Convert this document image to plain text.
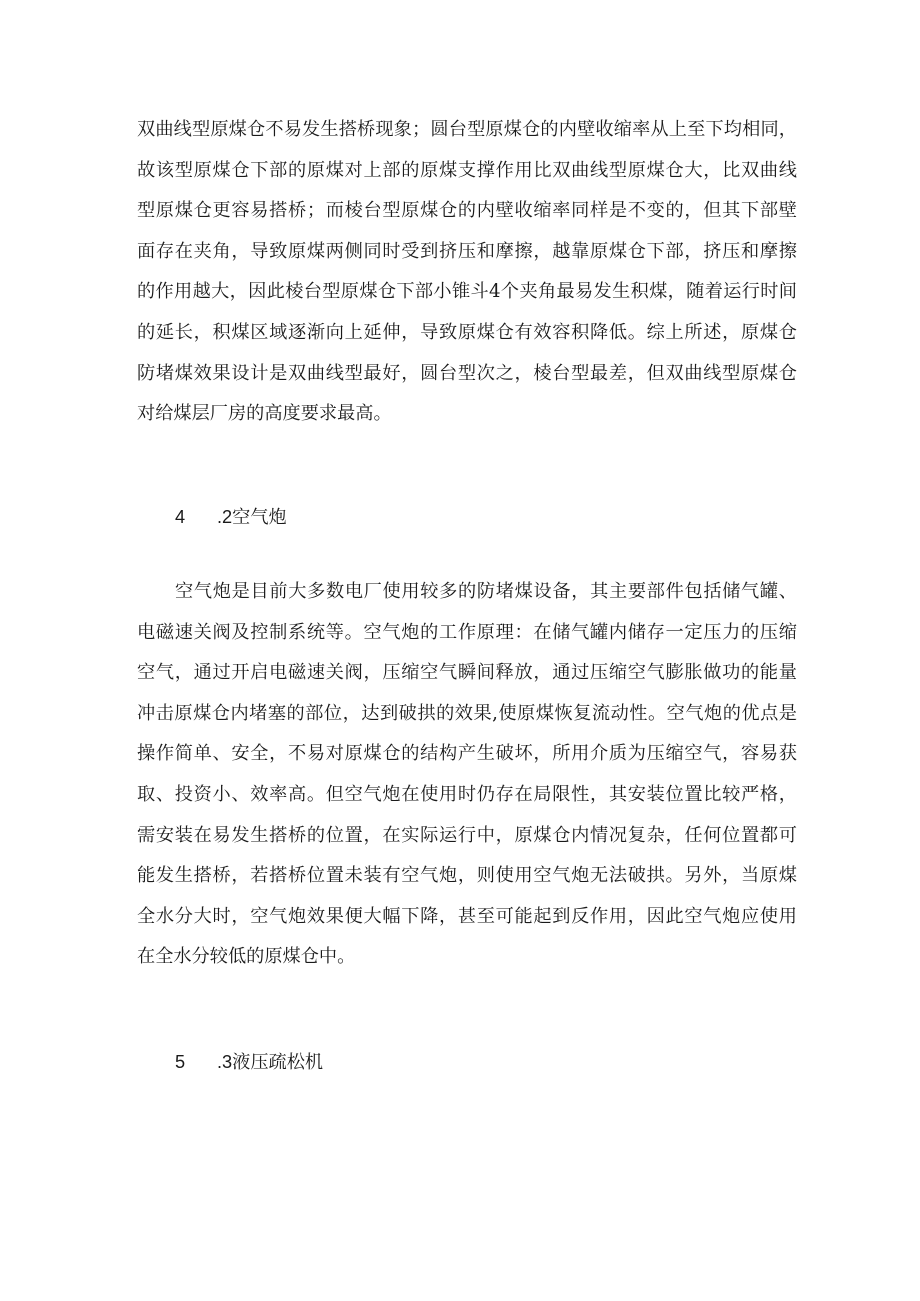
双曲线型原煤仓不易发生搭桥现象；圆台型原煤仓的内壁收缩率从上至下均相同，
故该型原煤仓下部的原煤对上部的原煤支撑作用比双曲线型原煤仓大，比双曲线
型原煤仓更容易搭桥；而棱台型原煤仓的内壁收缩率同样是不变的，但其下部壁
面存在夹角，导致原煤两侧同时受到挤压和摩擦，越靠原煤仓下部，挤压和摩擦
的作用越大，因此棱台型原煤仓下部小锥斗4个夹角最易发生积煤，随着运行时间
的延长，积煤区域逐渐向上延伸，导致原煤仓有效容积降低。综上所述，原煤仓
防堵煤效果设计是双曲线型最好，圆台型次之，棱台型最差，但双曲线型原煤仓
对给煤层厂房的高度要求最高。
4 .2空气炮
空气炮是目前大多数电厂使用较多的防堵煤设备，其主要部件包括储气罐、
电磁速关阀及控制系统等。空气炮的工作原理：在储气罐内储存一定压力的压缩
空气，通过开启电磁速关阀，压缩空气瞬间释放，通过压缩空气膨胀做功的能量
冲击原煤仓内堵塞的部位，达到破拱的效果,使原煤恢复流动性。空气炮的优点是
操作简单、安全，不易对原煤仓的结构产生破坏，所用介质为压缩空气，容易获
取、投资小、效率高。但空气炮在使用时仍存在局限性，其安装位置比较严格，
需安装在易发生搭桥的位置，在实际运行中，原煤仓内情况复杂，任何位置都可
能发生搭桥，若搭桥位置未装有空气炮，则使用空气炮无法破拱。另外，当原煤
全水分大时，空气炮效果便大幅下降，甚至可能起到反作用，因此空气炮应使用
在全水分较低的原煤仓中。
5 .3液压疏松机
